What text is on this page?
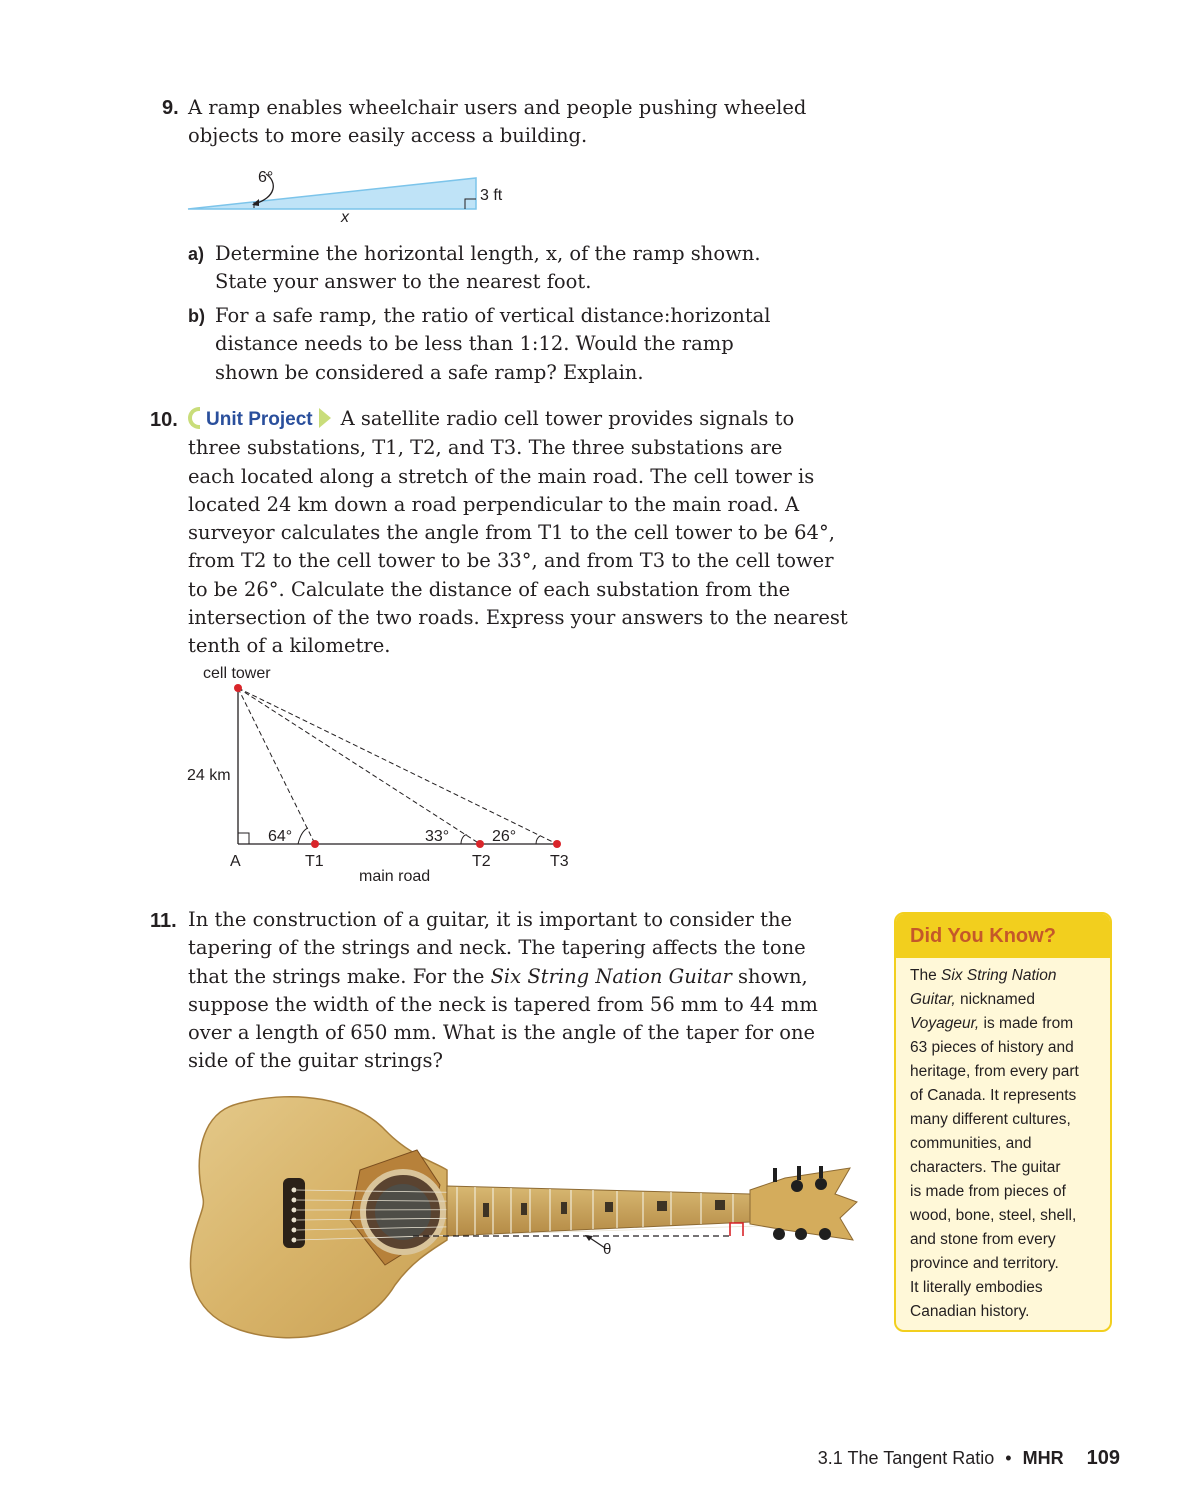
9. A ramp enables wheelchair users and people pushing wheeled
objects to more easily access a building.
6°
3 ft
x
a) Determine the horizontal length, x, of the ramp shown.
State your answer to the nearest foot.
b) For a safe ramp, the ratio of vertical distance:horizontal
distance needs to be less than 1:12. Would the ramp
shown be considered a safe ramp? Explain.
10.	Unit Project A satellite radio cell tower provides signals to
three substations, T1, T2, and T3. The three substations are
each located along a stretch of the main road. The cell tower is
located 24 km down a road perpendicular to the main road. A
surveyor calculates the angle from T1 to the cell tower to be 64°,
from T2 to the cell tower to be 33°, and from T3 to the cell tower
to be 26°. Calculate the distance of each substation from the
intersection of the two roads. Express your answers to the nearest
tenth of a kilometre.
cell tower
24 km
64°	33°	26°
A	T1	T2	T3
main road
11. In the construction of a guitar, it is important to consider the
tapering of the strings and neck. The tapering affects the tone
that the strings make. For the Six String Nation Guitar shown,
suppose the width of the neck is tapered from 56 mm to 44 mm
over a length of 650 mm. What is the angle of the taper for one
side of the guitar strings?
θ
Did You Know?
The Six String Nation
Guitar, nicknamed
Voyageur, is made from
63 pieces of history and
heritage, from every part
of Canada. It represents
many different cultures,
communities, and
characters. The guitar
is made from pieces of
wood, bone, steel, shell,
and stone from every
province and territory.
It literally embodies
Canadian history.
3.1 The Tangent Ratio • MHR 109
